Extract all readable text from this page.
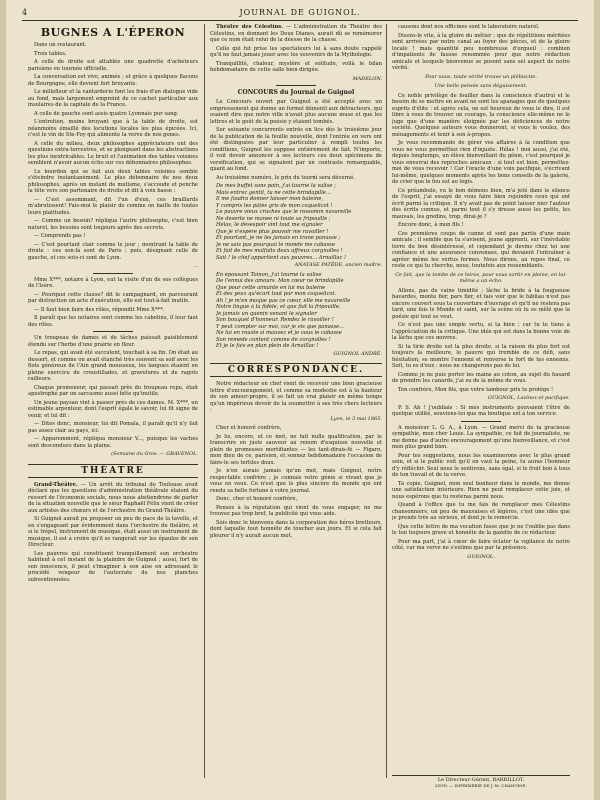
4	JOURNAL DE GUIGNOL.
BUGNES A L'ÉPERON

Dans un restaurant.

Trois tables.

A celle de droite est attablée une quadrette d'acheteurs parisiens en tournée officielle.

La conversation est vive, animée ; et grâce à quelques flacons de Bourgogne, elle devient fort bruyante.

Le millefleur et la vantarderie font les frais d'un dialogue vide au fond, mais largement empreint de ce cachet particulier aux insulaires de la capitale de la France.

A celle de gauche sont assis quatre Lyonnais pur sang.

L'entretien, moins bruyant que à la table de droite, est néanmoins émaillé des locutions locales les plus épicées. Ici, c'est le vin de Ste-Foy qui alimente la verve de nos gones.

A celle du milieu, deux philosophes appréciateurs ont des questions extra-terrestres, et se plongeant dans les abstractions les plus inextricables. Le bruit et l'animation des tables voisines semblent n'avoir aucun écho sur ces débonnaires philosophes.

Le bourdon qui se fait aux deux tables voisines semble s'éteindre instantanément. Le plus débonnaire de nos deux philosophes, après un instant de mutisme, s'accoude et penche la tête vers son partenaire de droite et dit à voix basse :

— C'est assommant, dit l'un d'eux, ces braillards m'abrutissent! Fais-moi le plaisir de comme on baille de toutes leurs platitudes.

— Comme un besoin? répliqua l'autre philosophe, c'est bien naturel, les besoins sont toujours après des secrets.

— Comprends pas !

— C'est pourtant clair comme le jour ; montrant la table de droite : ces son-là sont de Paris ; puis, désignant celle de gauche, et ces sots-ci sont de Lyon.

...

Mme X***, notaire à Lyon, eut la visite d'un de ses collègues de l'Isère.

— Pourquoi cette clause? dit le campagnard, en parcourant par distraction un acte d'exécution, elle est tout-à-fait inutile.

— Il faut bien faire des rôles, répondit Mme X***.

Il paraît que les notaires sont comme les cabotins, il leur faut des rôles.

Un troupeau de dames et de tâches paissait paisiblement étendu sur l'herbe d'une prairie en fleur.

Le repas, qui avait été succulent, touchait à sa fin. On était au dessert, et comme on avait étanché très souvent sa soif avec les flots généreux de l'Ain grand mousseux, les langues étaient en pleine exercice de croustillades, et gravelures et de ragots railleurs.

Chaque promeneur, qui passait près du troupeau repu, était apostrophé par un sarcasme aussi bête qu'inutile.

Un jeune paysan vint à passer près de ces dames. M. X***, un estimable arpenteur, dont l'esprit égale le savoir, lui fit signe de venir, et lui dit :

— Dites donc, monsieur, toi dit Pomala, il paraît qu'il n'y fait pas assez clair au pays, ici.

— Apparemment, répliqua monsieur V..., puisque les vaches sont descendues dans la plaine.

(Semaine du Gros. — GRAVENOL.
THÉATRE

Grand-Théâtre. — Un arrêt du tribunal de Toulouse avait déclaré que les questions d'administration théâtrale étaient du ressort de l'économie sociale, nous nous abstiendrons de parler de la situation nouvelle que le sieur Raphaël Félix vient de créer aux artistes des chœurs et de l'orchestre du Grand-Théâtre.

Si Guignol aurait pu proposer un peu de pace de la tavelle, et en s'engageant par évidemment dans l'orchestre du théâtre, et si le trépel, instrument de musique, était aussi un instrument de musique, il est à croire qu'il se rangerait sur les épaules de son Directeur.

Les pauvres qui constituent tranquillement son orchestre habitent à cet instant de la plaindre de Guignol ; aussi, fort de son innocence, il peut s'imaginer à son aise en adressant le procédé vengeur de l'autocrate de nos planches subventionnées.

Théâtre des Célestins. — L'administration du Théâtre des Célestins, en donnant les Deux Dianes, aurait dû se remémorer que ce nom était celui de la déesse de la chasse.

Celle qui fut prise les spectateurs lui à sans doute rappelé qu'il ne faut jamais jouer avec les souvenirs de la Mythologie.

Tranquillité, chaleur, mystère et solitude, voilà le bilan hebdomadaire de cette salle bien dirigée.

MADELON.
CONCOURS du Journal de Guignol

Le Concours ouvert par Guignol a été accepté avec un empressement qui donne un formel démenti aux détracteurs, qui osaient dire que notre ville n'avait plus aucune muse et que les lettres et le goût de la poésie y étaient tombés.

Sur soixante concurrents entrés en lice dès le troisième jour de la publication de la feuille nouvelle, dont l'entrée en vers ont été distinguées par leur particulier à rempli toutes les conditions, Guignol les suppose entièrement de fait. N'importe, il voit devoir annoncer à ses lecteurs ces deux spécimens de versification, qui se signalent par un contraste remarquable, quant au fond.

Au troisième numéro, le prix du tourni sera décerné.

De mes buffet sans pain, j'ai tourné la valise ;
Mais entrez gentil, tu ne cette brindapille...
Il me faudra donner laisser mon baleine,
Y compris les pâtés gris de mon coquelicot !
Le pauvre vieux cruches que le rossomm navareille
Ne deserte ne manee ni toute sa fripouille ;
Hélas, le désespoir vint tout me signaler
Que je n'espère plus pouvoir me ravoiller !
Et pourtant, je ne les jamais en trane panasse ;
Je ne sais pas pourquoi le monde me cabasse
Et fait de mes malfaits deux affreux corgnolles !
Sait ! le chef appartient aux pauvres... Arnaillac !
ANATASE PATÊDE, ancien maître.
En épousant Toinon, j'ai tourné la valise
De l'ennui des amours. Mon cœur ne brindapille
Que pour cette aimante en lui ma baleine
Et des yeux qu'écart tout par mon coquelicot.
Ah ! je m'en moque pas ce cœur, elle me navareille
Notre lingue à la fidèle, et que fait la fripouille.
Je jamais un quenin venant le signaler
Son bouquet d'honneur. Rendez le ravoiller !
Y peut compter sur moi, car je vis que panasse...
Ne lui en rouste si mauvez et je vous le cabasse
Son reméde content comme de corgnolles !
Et je le fais en plan plein de Arnaillac !
GUIGNOL ANDRÉ.
CORRESPONDANCE.

Notre rédacteur en chef vient de recevoir une bien gracieuse lettre d'encouragement, et comme sa modestie est à la hauteur de son amour-propre, il se fait un vrai plaisir en même temps qu'un impérieux devoir de la soumettre à ses très chers lecteurs :

Lyon, le 3 mai 1865.

Cher et honoré confrère,

Je lis, encore, et ce mot, ne fait nulle qualification, par le transcrire en juste sauveur au renom d'esquisse nouvelle et plein de promesses mortifiantes — les tant-dirais-fé — Figaro, mon dieu de ce, parisien, et sonnez hebdomadaire l'occasion de faire-le ses tertiles doux.

Je n'en aurais jamais qu'un mot, mais Guignol, notre respectable confrère ; je connais votre génie si vivant que je vous en veux. Ce n'est que le plus sincère du monde qui ont rendu sa belle fortune à votre journal.

Donc, cher et honoré confrère,

Pensez à la réputation qui vient de vous engager, ne me trouvez pas trop bref, la publicité qui vous aide.

Sois donc le bienvenu dans la corporation des héros bretteurs, dont laquelle tout honnête de toucher aux jours. Et si cela fait pleurer il n'y aurait aucun mot.

causons dont nos officines sont le laboratoire naturel.

Disons-le vite, à la gloire du métier : que de répétitions méritées sont arrivées par notre canal au foyer des pièces, et de la gloire locale ! mais quantité peu nombreuse d'orgueil : combien d'impatients de fausse renommée pour que notre rédaction amicale et lesquels bienvenue se posent sans sel aspect de notre vérité.

Pour nous, toute vérité trouve un plébiscite.
Une belle pensée sans déguisement.

Ce noble privilège de fouiller dans la conscience d'autrui et le besoin de se mettre en avant ne sont les apanages que de quelques esprits d'élite : et après cela, on est heureux de vous le dire, il est libre à vous de trouver un courage, la conscience elle-même ne le juge que d'une manière éloignée par les déficiences de notre société. Quelques auteurs vous donneront, si vous le voulez, des ménagements et tenir à son à-propos.

Je vous recommande de gérer vos affaires à la condition que vous ne vous permettiez rien d'injuste. Hélas ! moi aussi, j'ai été, depuis longtemps, un élève bienveillant du génie, c'est pourquoi je vous enverrai des reproches amicaux : si tout est bien, permettez-moi de vous recevoir ! Car l'oracle d'une voix pacifique, s'écrivant lui-même, quelques moments après les bons conseils de la galerie, de crier que le feu est au logis.

Ce préambule, vu le bon démons bien, m'a jeté dans le silence de l'esprit, j'ai essayé de vous faire bien rejoindre ceux qui ont écrit parmi la critique. Il n'y avait pas de point laisser nier l'auteur des écrits connus, et parmi tout il s'y dresse aussi les petits, les mauvais, les gredins, trop, dirai-je ?

Encore donc, à mon fils !

Ces premières coups de canne et sont pas partis d'une main amicale ; il semble que tu s'avisent, jeune apprenti, sur l'inévitable terre du bon désintéressé, et cependant je devins chez toi une confiance et une assurance convenues, qui devaient l'entraîner à agréer même les vertus fermes. Nous dirons, au repos final, ce reste ce qui tu cherche, nous, toutefois aux ressemblants.

Ce fait, que la tombe de ce héros, pour vous sortir en pleine, en lui-même a un écho.

Allons, pas de vaine timidité ; lâche la bride à ta fougueuse bavardes, monte fier, pars fier, et fais voir que le fabliau n'est pas encore couvert sous ta couverture d'ouvrage et qu'il ne restera pas tard, une fois le Monde et saint, sur la scène où tu es mêlé que la poésie qui tout se veut.

Ce n'est pas une simple vertu, si ta bien ; car tu te tiens à l'appréciation de la critique. Une idée qui est dans la bonne voie de la lâche que ces œuvres.

Si ta tirie droite est la plus droite, si la raison du plus fort est toujours la meilleure, le pauvre qui tremble de ce défi, sans hésitation, se montre l'ennemi et renverse le fort de tes ennemis. Soit, tu es d'eux : nous ne changerons pas de loi.

Comme je ne puis porter les mains au coton, au sujet du hasard de prendre les canards, j'ai su de la même de vous.

Ton confrère, Mon fils, que votre tambour prix te protège !

GUIGNOL, Lavinox et pacifique.

P. S. Ah ! j'oubliais : Si mes instruments pouvaient t'être de quelque utilité, souviens-toi que ma boutique est à ton service.

A monsieur L. G. A., à Lyon. — Grand merci de ta gracieuse sympathie, mon cher Louis. La sympathie, ce fait de journaliste, ne me donne pas d'autre encouragement qu'une bienveillance, et c'est mon plus grand bien.

Pour tes suggestions, nous les examinerons avec le plus grand soin, et si le public voit qu'il en vaut la peine, tu auras l'honneur d'y réfléchir. Seul nous le sentirons, sans égal, si le fruit bon à tous de ton travail et de ta verve.

Ta copie, Guignol, mon seul bonheur dans le monde, me donne une satisfaction intérieure. Rien ne peut remplacer cette joie, et nous espérons que tu resteras parmi nous.

Quand à l'office que tu me fais de remplacer mes Célestins chansonniers, un peu de mauvaises et légères, c'est une idée que je prends très au sérieux, et dont je te remercie.

Que cette lettre de ma vocation fasse que je ne t'oublie pas dans le ton toujours grave et honnête de la gazette de ce rédacteur.

Pour ma part, j'ai à cœur de faire éclater ta vigilance de notre côté, car ma verve ne s'estime que par ta présence.

GUIGNOL.
Le Directeur-Gérant, BARRILLOT.
LYON. — IMPRIMERIE DE J.-M. CHANOINE.
